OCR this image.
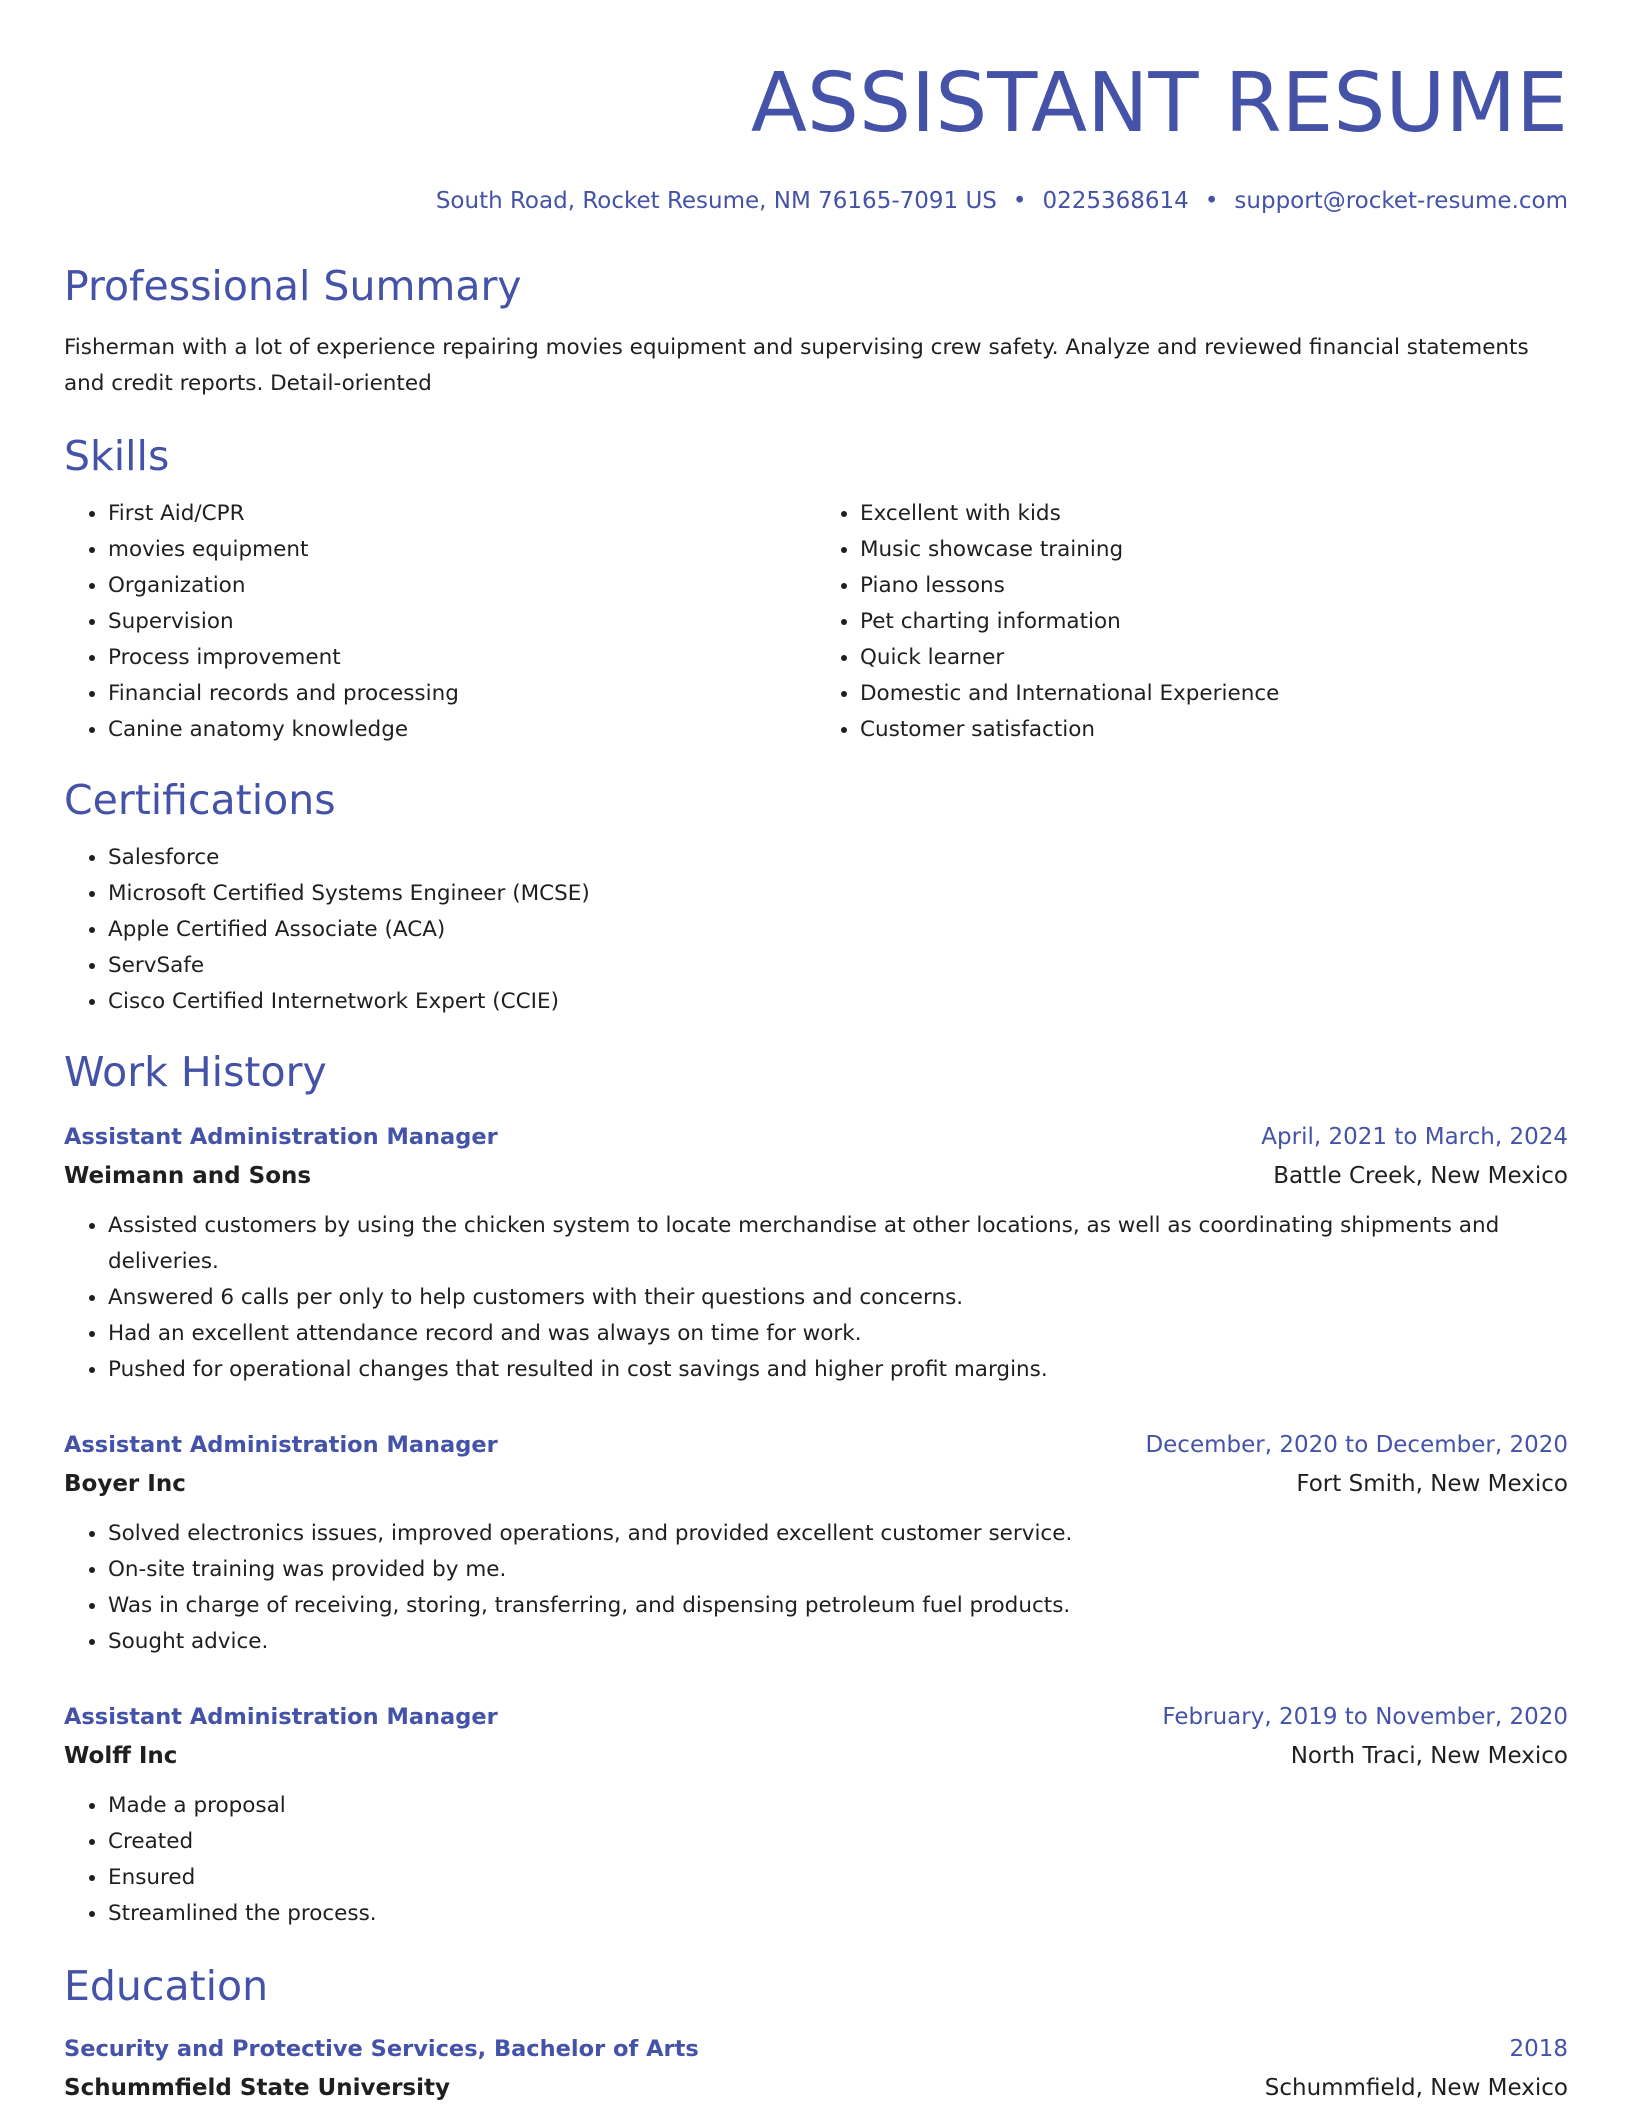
ASSISTANT RESUME
South Road, Rocket Resume, NM 76165-7091 US • 0225368614 • support@rocket-resume.com
Professional Summary

Fisherman with a lot of experience repairing movies equipment and supervising crew safety. Analyze and reviewed financial statements and credit reports. Detail-oriented

Skills
• First Aid/CPR
• movies equipment
• Organization
• Supervision
• Process improvement
• Financial records and processing
• Canine anatomy knowledge
• Excellent with kids
• Music showcase training
• Piano lessons
• Pet charting information
• Quick learner
• Domestic and International Experience
• Customer satisfaction
Certifications
• Salesforce
• Microsoft Certified Systems Engineer (MCSE)
• Apple Certified Associate (ACA)
• ServSafe
• Cisco Certified Internetwork Expert (CCIE)
Work History
Assistant Administration Manager	April, 2021 to March, 2024
Weimann and Sons	Battle Creek, New Mexico
• Assisted customers by using the chicken system to locate merchandise at other locations, as well as coordinating shipments and deliveries.
• Answered 6 calls per only to help customers with their questions and concerns.
• Had an excellent attendance record and was always on time for work.
• Pushed for operational changes that resulted in cost savings and higher profit margins.
Assistant Administration Manager	December, 2020 to December, 2020
Boyer Inc	Fort Smith, New Mexico
• Solved electronics issues, improved operations, and provided excellent customer service.
• On-site training was provided by me.
• Was in charge of receiving, storing, transferring, and dispensing petroleum fuel products.
• Sought advice.
Assistant Administration Manager	February, 2019 to November, 2020
Wolff Inc	North Traci, New Mexico
• Made a proposal
• Created
• Ensured
• Streamlined the process.
Education
Security and Protective Services, Bachelor of Arts	2018
Schummfield State University	Schummfield, New Mexico
